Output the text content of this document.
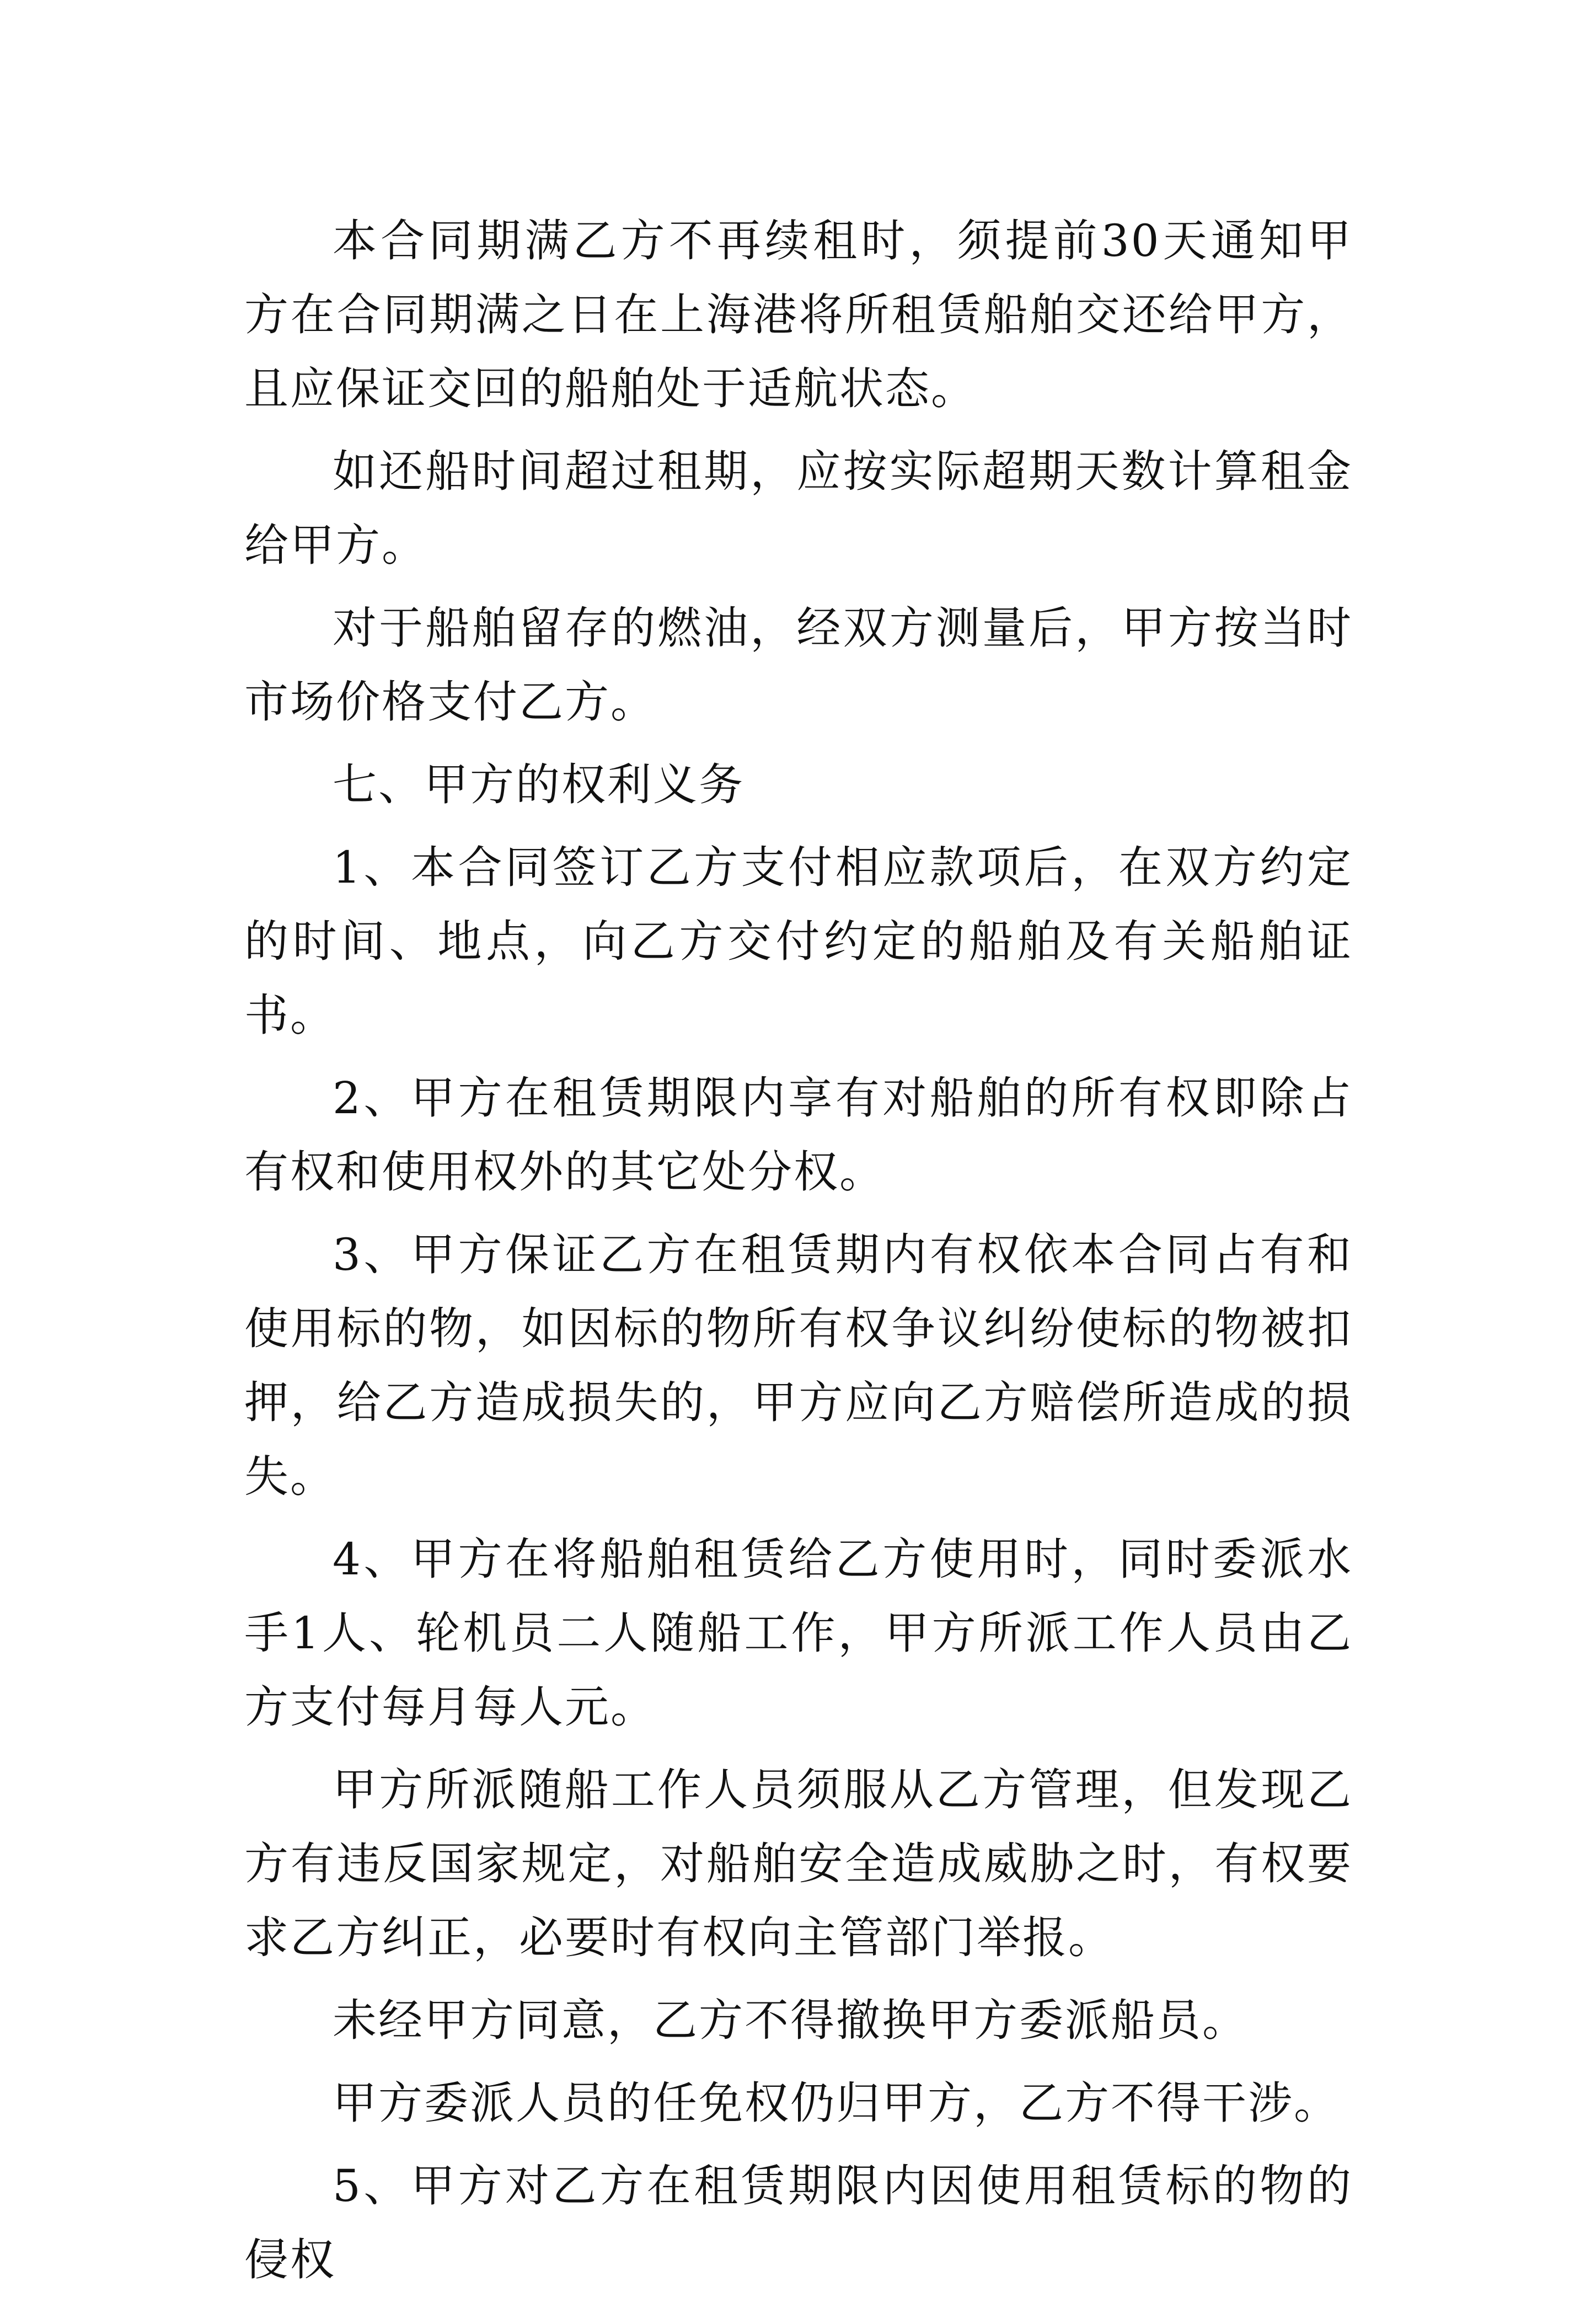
本合同期满乙方不再续租时，须提前30天通知甲方在合同期满之日在上海港将所租赁船舶交还给甲方，且应保证交回的船舶处于适航状态。

如还船时间超过租期，应按实际超期天数计算租金给甲方。

对于船舶留存的燃油，经双方测量后，甲方按当时市场价格支付乙方。

七、甲方的权利义务

1、本合同签订乙方支付相应款项后，在双方约定的时间、地点，向乙方交付约定的船舶及有关船舶证书。

2、甲方在租赁期限内享有对船舶的所有权即除占有权和使用权外的其它处分权。

3、甲方保证乙方在租赁期内有权依本合同占有和使用标的物，如因标的物所有权争议纠纷使标的物被扣押，给乙方造成损失的，甲方应向乙方赔偿所造成的损失。

4、甲方在将船舶租赁给乙方使用时，同时委派水手1人、轮机员二人随船工作，甲方所派工作人员由乙方支付每月每人元。

甲方所派随船工作人员须服从乙方管理，但发现乙方有违反国家规定，对船舶安全造成威胁之时，有权要求乙方纠正，必要时有权向主管部门举报。

未经甲方同意，乙方不得撤换甲方委派船员。

甲方委派人员的任免权仍归甲方，乙方不得干涉。

5、甲方对乙方在租赁期限内因使用租赁标的物的侵权
